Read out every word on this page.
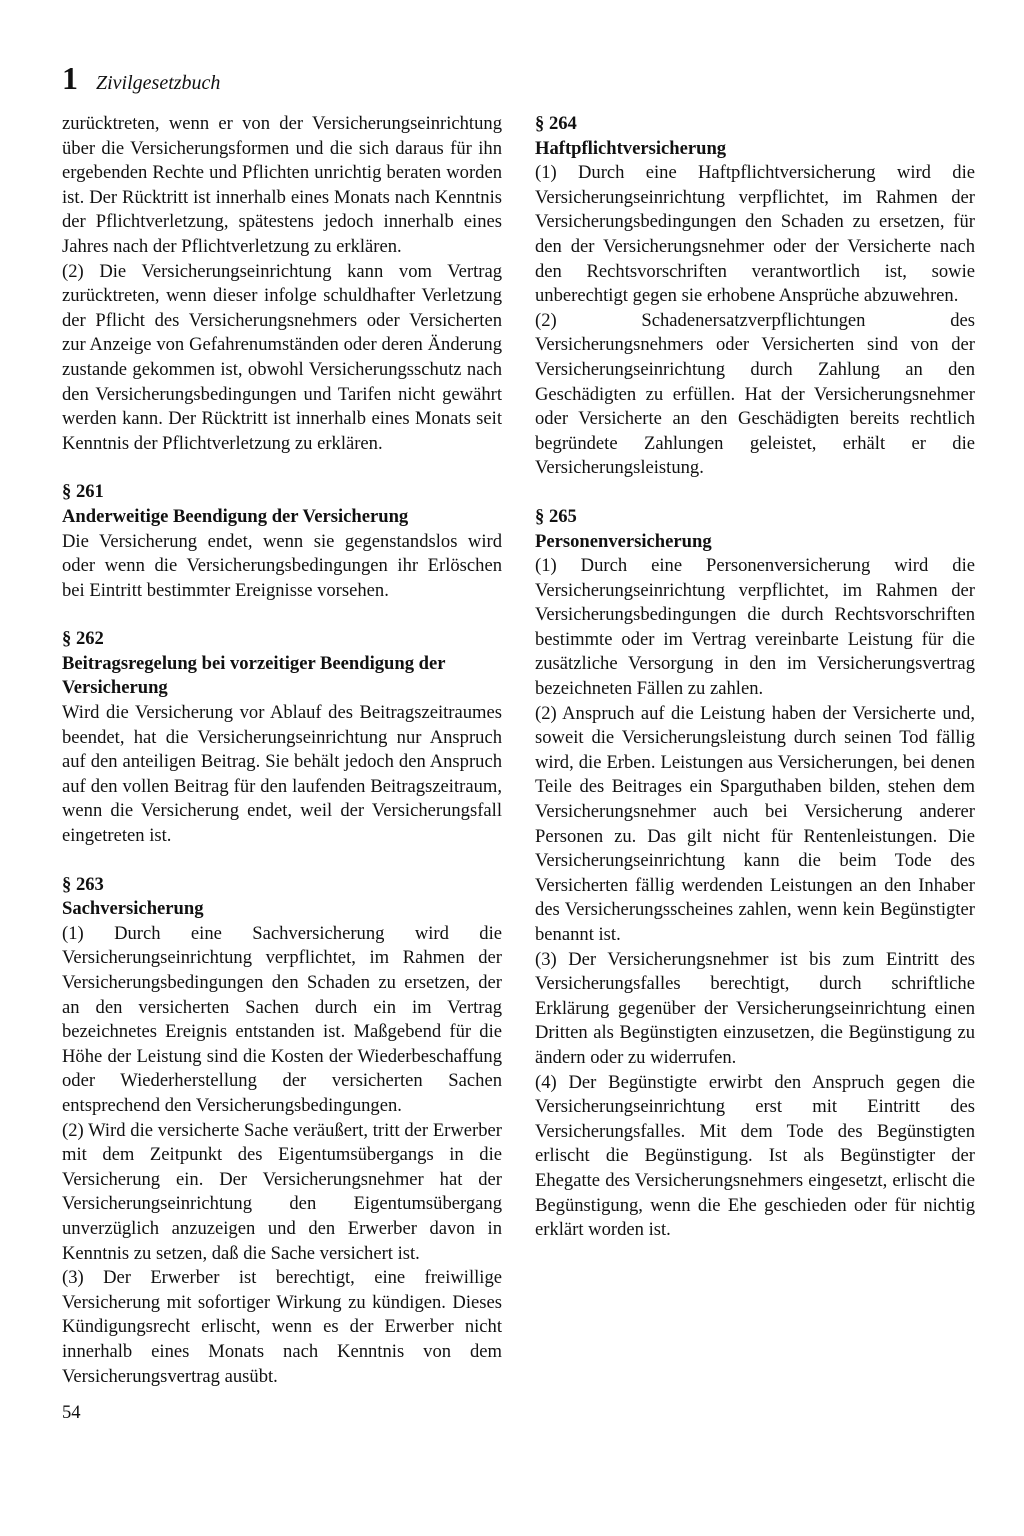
1 Zivilgesetzbuch

zurücktreten, wenn er von der Versicherungseinrichtung über die Versicherungsformen und die sich daraus für ihn ergebenden Rechte und Pflichten unrichtig beraten worden ist. Der Rücktritt ist innerhalb eines Monats nach Kenntnis der Pflichtverletzung, spätestens jedoch innerhalb eines Jahres nach der Pflichtverletzung zu erklären.

(2) Die Versicherungseinrichtung kann vom Vertrag zurücktreten, wenn dieser infolge schuldhafter Verletzung der Pflicht des Versicherungsnehmers oder Versicherten zur Anzeige von Gefahrenumständen oder deren Änderung zustande gekommen ist, obwohl Versicherungsschutz nach den Versicherungsbedingungen und Tarifen nicht gewährt werden kann. Der Rücktritt ist innerhalb eines Monats seit Kenntnis der Pflichtverletzung zu erklären.

§ 261

Anderweitige Beendigung der Versicherung

Die Versicherung endet, wenn sie gegenstandslos wird oder wenn die Versicherungsbedingungen ihr Erlöschen bei Eintritt bestimmter Ereignisse vorsehen.

§ 262

Beitragsregelung bei vorzeitiger Beendigung der Versicherung

Wird die Versicherung vor Ablauf des Beitragszeitraumes beendet, hat die Versicherungseinrichtung nur Anspruch auf den anteiligen Beitrag. Sie behält jedoch den Anspruch auf den vollen Beitrag für den laufenden Beitragszeitraum, wenn die Versicherung endet, weil der Versicherungsfall eingetreten ist.

§ 263

Sachversicherung

(1) Durch eine Sachversicherung wird die Versicherungseinrichtung verpflichtet, im Rahmen der Versicherungsbedingungen den Schaden zu ersetzen, der an den versicherten Sachen durch ein im Vertrag bezeichnetes Ereignis entstanden ist. Maßgebend für die Höhe der Leistung sind die Kosten der Wiederbeschaffung oder Wiederherstellung der versicherten Sachen entsprechend den Versicherungsbedingungen.

(2) Wird die versicherte Sache veräußert, tritt der Erwerber mit dem Zeitpunkt des Eigentumsübergangs in die Versicherung ein. Der Versicherungsnehmer hat der Versicherungseinrichtung den Eigentumsübergang unverzüglich anzuzeigen und den Erwerber davon in Kenntnis zu setzen, daß die Sache versichert ist.

(3) Der Erwerber ist berechtigt, eine freiwillige Versicherung mit sofortiger Wirkung zu kündigen. Dieses Kündigungsrecht erlischt, wenn es der Erwerber nicht innerhalb eines Monats nach Kenntnis von dem Versicherungsvertrag ausübt.

§ 264

Haftpflichtversicherung

(1) Durch eine Haftpflichtversicherung wird die Versicherungseinrichtung verpflichtet, im Rahmen der Versicherungsbedingungen den Schaden zu ersetzen, für den der Versicherungsnehmer oder der Versicherte nach den Rechtsvorschriften verantwortlich ist, sowie unberechtigt gegen sie erhobene Ansprüche abzuwehren.

(2) Schadenersatzverpflichtungen des Versicherungsnehmers oder Versicherten sind von der Versicherungseinrichtung durch Zahlung an den Geschädigten zu erfüllen. Hat der Versicherungsnehmer oder Versicherte an den Geschädigten bereits rechtlich begründete Zahlungen geleistet, erhält er die Versicherungsleistung.

§ 265

Personenversicherung

(1) Durch eine Personenversicherung wird die Versicherungseinrichtung verpflichtet, im Rahmen der Versicherungsbedingungen die durch Rechtsvorschriften bestimmte oder im Vertrag vereinbarte Leistung für die zusätzliche Versorgung in den im Versicherungsvertrag bezeichneten Fällen zu zahlen.

(2) Anspruch auf die Leistung haben der Versicherte und, soweit die Versicherungsleistung durch seinen Tod fällig wird, die Erben. Leistungen aus Versicherungen, bei denen Teile des Beitrages ein Sparguthaben bilden, stehen dem Versicherungsnehmer auch bei Versicherung anderer Personen zu. Das gilt nicht für Rentenleistungen. Die Versicherungseinrichtung kann die beim Tode des Versicherten fällig werdenden Leistungen an den Inhaber des Versicherungsscheines zahlen, wenn kein Begünstigter benannt ist.

(3) Der Versicherungsnehmer ist bis zum Eintritt des Versicherungsfalles berechtigt, durch schriftliche Erklärung gegenüber der Versicherungseinrichtung einen Dritten als Begünstigten einzusetzen, die Begünstigung zu ändern oder zu widerrufen.

(4) Der Begünstigte erwirbt den Anspruch gegen die Versicherungseinrichtung erst mit Eintritt des Versicherungsfalles. Mit dem Tode des Begünstigten erlischt die Begünstigung. Ist als Begünstigter der Ehegatte des Versicherungsnehmers eingesetzt, erlischt die Begünstigung, wenn die Ehe geschieden oder für nichtig erklärt worden ist.

54
